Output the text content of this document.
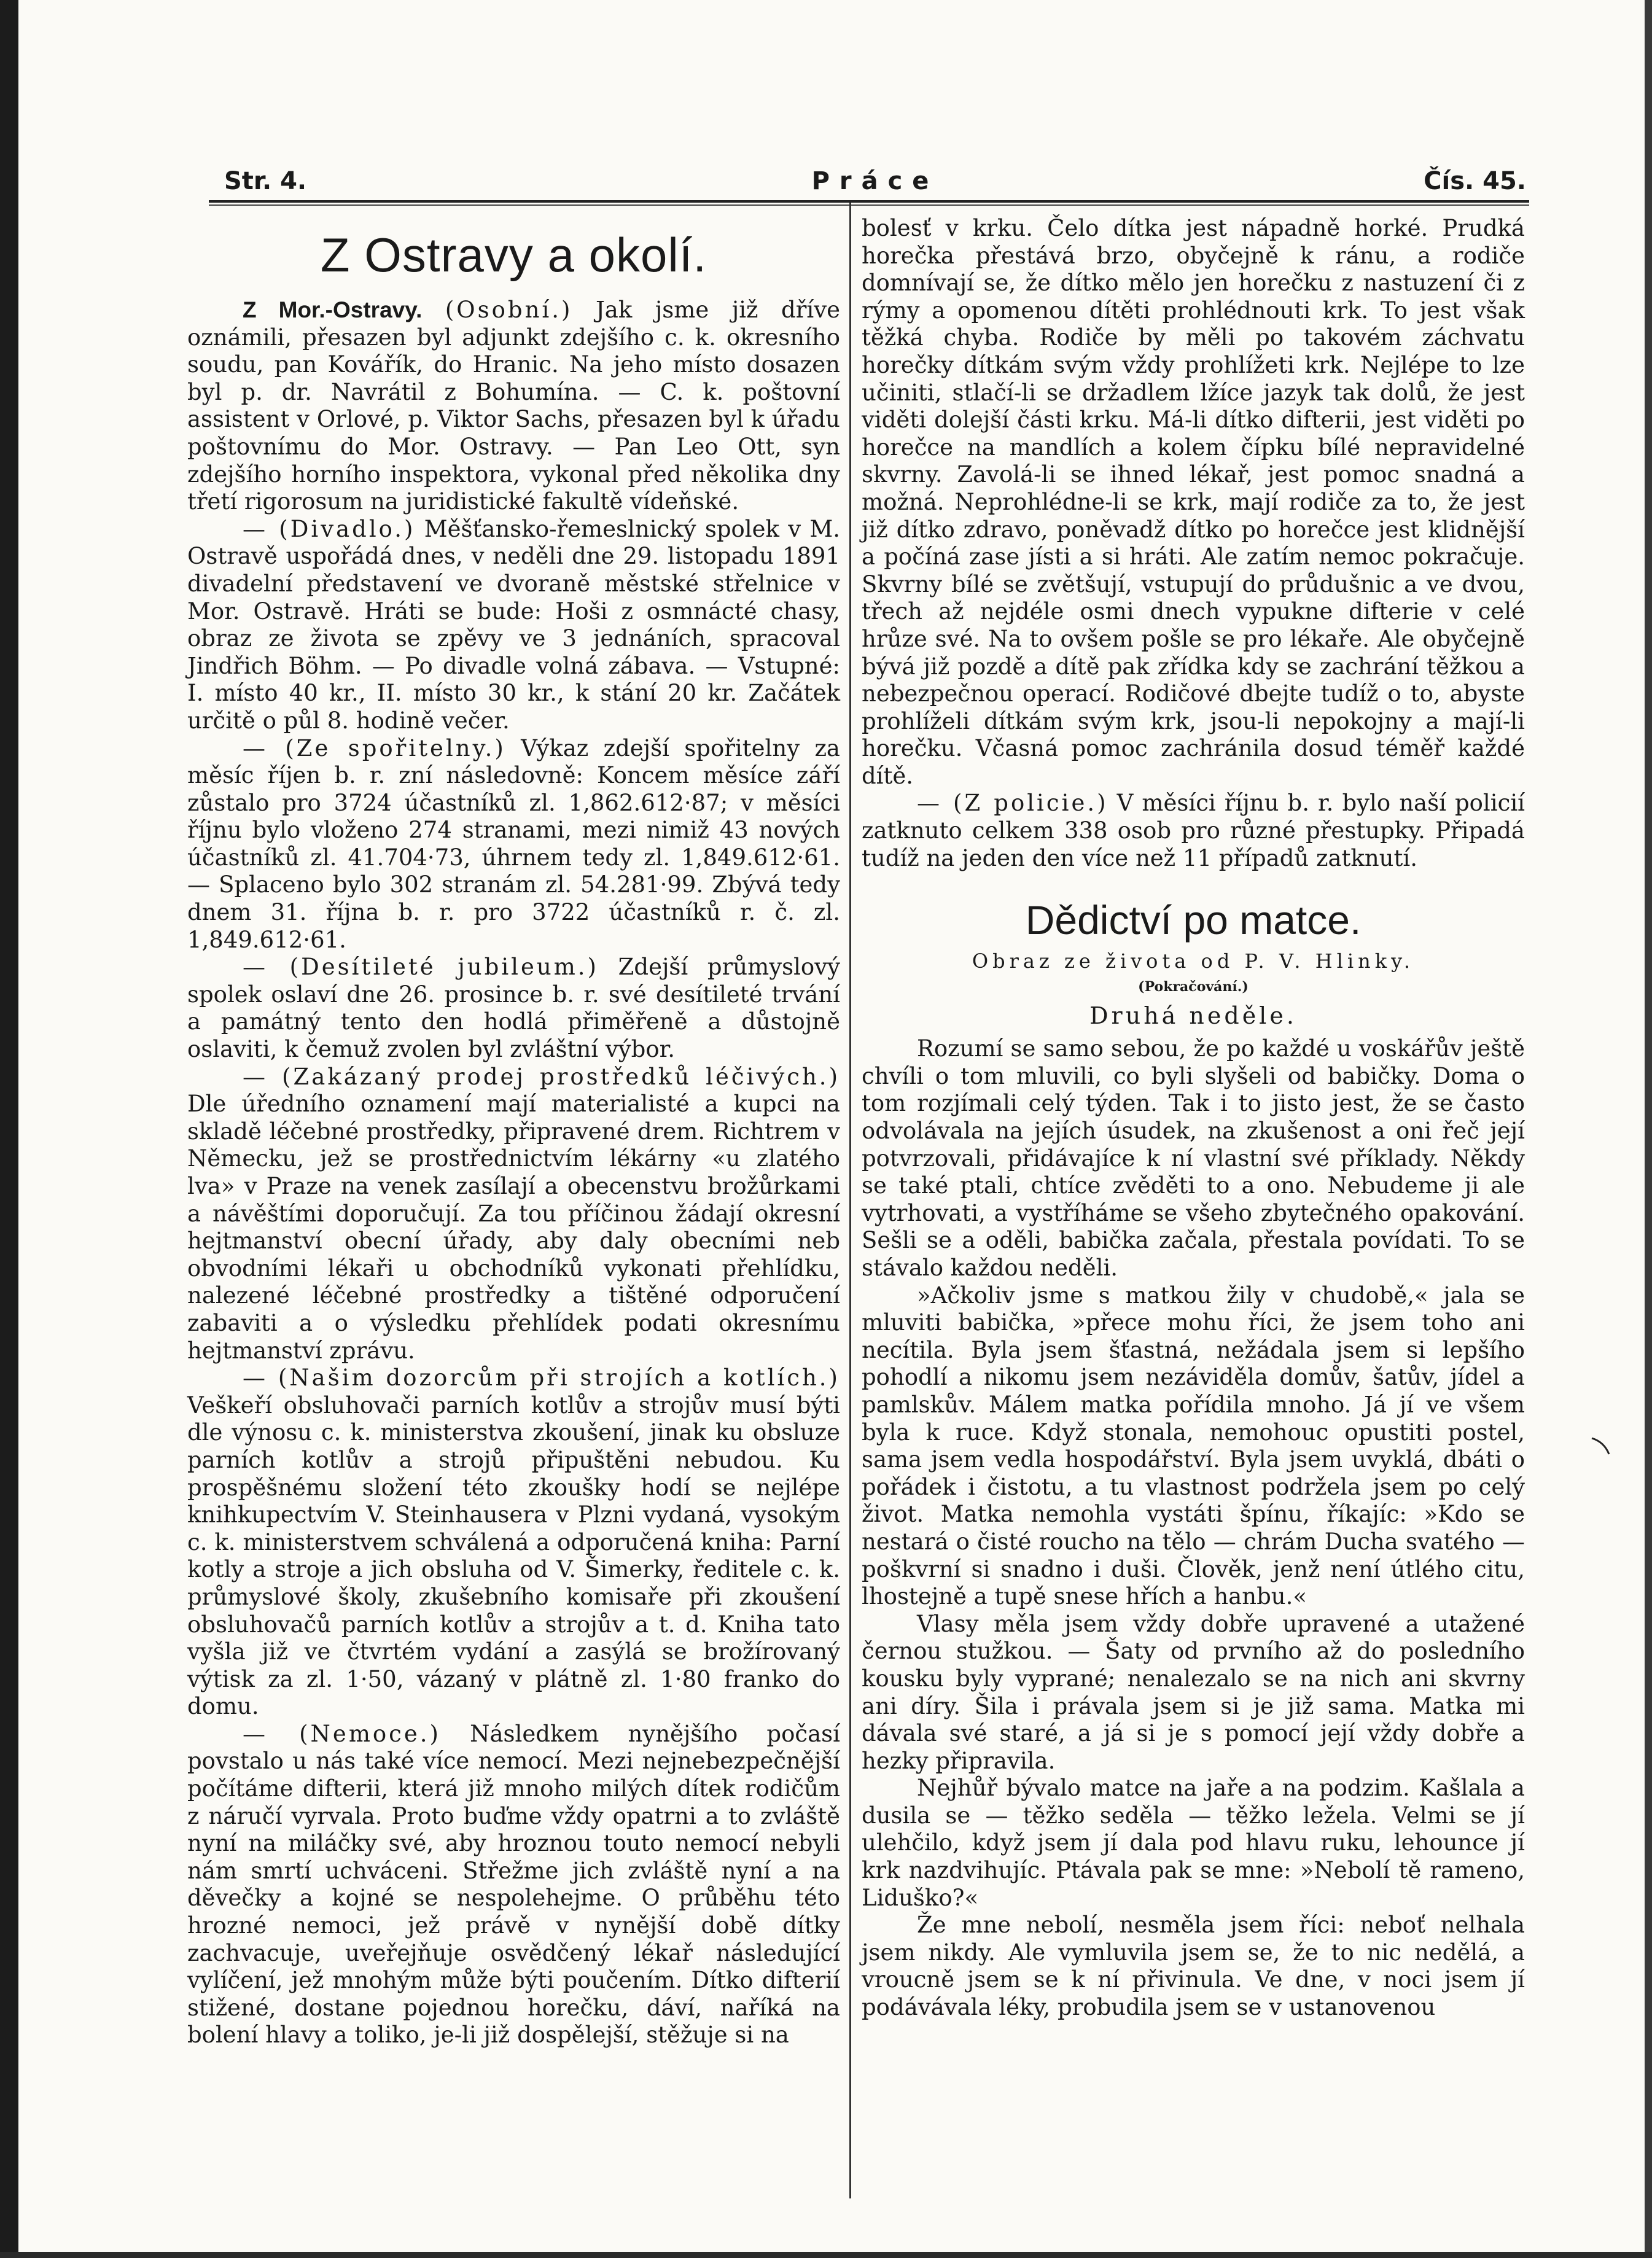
Str. 4.	Práce	Čís. 45.
Z Ostravy a okolí.

Z Mor.-Ostravy. (Osobní.) Jak jsme již dříve oznámili, přesazen byl adjunkt zdejšího c. k. okresního soudu, pan Kovářík, do Hranic. Na jeho místo dosazen byl p. dr. Navrátil z Bohumína. — C. k. poštovní assistent v Orlové, p. Viktor Sachs, přesazen byl k úřadu poštovnímu do Mor. Ostravy. — Pan Leo Ott, syn zdejšího horního inspektora, vykonal před několika dny třetí rigorosum na juridistické fakultě vídeňské.

— (Divadlo.) Měšťansko-řemeslnický spolek v M. Ostravě uspořádá dnes, v neděli dne 29. listopadu 1891 divadelní představení ve dvoraně městské střelnice v Mor. Ostravě. Hráti se bude: Hoši z osmnácté chasy, obraz ze života se zpěvy ve 3 jednáních, spracoval Jindřich Böhm. — Po divadle volná zábava. — Vstupné: I. místo 40 kr., II. místo 30 kr., k stání 20 kr. Začátek určitě o půl 8. hodině večer.

— (Ze spořitelny.) Výkaz zdejší spořitelny za měsíc říjen b. r. zní následovně: Koncem měsíce září zůstalo pro 3724 účastníků zl. 1,862.612·87; v měsíci říjnu bylo vloženo 274 stranami, mezi nimiž 43 nových účastníků zl. 41.704·73, úhrnem tedy zl. 1,849.612·61. — Splaceno bylo 302 stranám zl. 54.281·99. Zbývá tedy dnem 31. října b. r. pro 3722 účastníků r. č. zl. 1,849.612·61.

— (Desítileté jubileum.) Zdejší průmyslový spolek oslaví dne 26. prosince b. r. své desítileté trvání a památný tento den hodlá přiměřeně a důstojně oslaviti, k čemuž zvolen byl zvláštní výbor.

— (Zakázaný prodej prostředků léčivých.) Dle úředního oznamení mají materialisté a kupci na skladě léčebné prostředky, připravené drem. Richtrem v Německu, jež se prostřednictvím lékárny «u zlatého lva» v Praze na venek zasílají a obecenstvu brožůrkami a návěštími doporučují. Za tou příčinou žádají okresní hejtmanství obecní úřady, aby daly obecními neb obvodními lékaři u obchodníků vykonati přehlídku, nalezené léčebné prostředky a tištěné odporučení zabaviti a o výsledku přehlídek podati okresnímu hejtmanství zprávu.

— (Našim dozorcům při strojích a kotlích.) Veškeří obsluhovači parních kotlův a strojův musí býti dle výnosu c. k. ministerstva zkoušení, jinak ku obsluze parních kotlův a strojů připuštěni nebudou. Ku prospěšnému složení této zkoušky hodí se nejlépe knihkupectvím V. Steinhausera v Plzni vydaná, vysokým c. k. ministerstvem schválená a odporučená kniha: Parní kotly a stroje a jich obsluha od V. Šimerky, ředitele c. k. průmyslové školy, zkušebního komisaře při zkoušení obsluhovačů parních kotlův a strojův a t. d. Kniha tato vyšla již ve čtvrtém vydání a zasýlá se brožírovaný výtisk za zl. 1·50, vázaný v plátně zl. 1·80 franko do domu.

— (Nemoce.) Následkem nynějšího počasí povstalo u nás také více nemocí. Mezi nejnebezpečnější počítáme difterii, která již mnoho milých dítek rodičům z náručí vyrvala. Proto buďme vždy opatrni a to zvláště nyní na miláčky své, aby hroznou touto nemocí nebyli nám smrtí uchváceni. Střežme jich zvláště nyní a na děvečky a kojné se nespolehejme. O průběhu této hrozné nemoci, jež právě v nynější době dítky zachvacuje, uveřejňuje osvědčený lékař následující vylíčení, jež mnohým může býti poučením. Dítko difterií stižené, dostane pojednou horečku, dáví, naříká na bolení hlavy a toliko, je-li již dospělejší, stěžuje si na

bolesť v krku. Čelo dítka jest nápadně horké. Prudká horečka přestává brzo, obyčejně k ránu, a rodiče domnívají se, že dítko mělo jen horečku z nastuzení či z rýmy a opomenou dítěti prohlédnouti krk. To jest však těžká chyba. Rodiče by měli po takovém záchvatu horečky dítkám svým vždy prohlížeti krk. Nejlépe to lze učiniti, stlačí-li se držadlem lžíce jazyk tak dolů, že jest viděti dolejší části krku. Má-li dítko difterii, jest viděti po horečce na mandlích a kolem čípku bílé nepravidelné skvrny. Zavolá-li se ihned lékař, jest pomoc snadná a možná. Neprohlédne-li se krk, mají rodiče za to, že jest již dítko zdravo, poněvadž dítko po horečce jest klidnější a počíná zase jísti a si hráti. Ale zatím nemoc pokračuje. Skvrny bílé se zvětšují, vstupují do průdušnic a ve dvou, třech až nejdéle osmi dnech vypukne difterie v celé hrůze své. Na to ovšem pošle se pro lékaře. Ale obyčejně bývá již pozdě a dítě pak zřídka kdy se zachrání těžkou a nebezpečnou operací. Rodičové dbejte tudíž o to, abyste prohlíželi dítkám svým krk, jsou-li nepokojny a mají-li horečku. Včasná pomoc zachránila dosud téměř každé dítě.

— (Z policie.) V měsíci říjnu b. r. bylo naší policií zatknuto celkem 338 osob pro různé přestupky. Připadá tudíž na jeden den více než 11 případů zatknutí.

Dědictví po matce.
Obraz ze života od P. V. Hlinky.
(Pokračování.)
Druhá neděle.

Rozumí se samo sebou, že po každé u voskářův ještě chvíli o tom mluvili, co byli slyšeli od babičky. Doma o tom rozjímali celý týden. Tak i to jisto jest, že se často odvolávala na jejích úsudek, na zkušenost a oni řeč její potvrzovali, přidávajíce k ní vlastní své příklady. Někdy se také ptali, chtíce zvěděti to a ono. Nebudeme ji ale vytrhovati, a vystříháme se všeho zbytečného opakování. Sešli se a oděli, babička začala, přestala povídati. To se stávalo každou neděli.

»Ačkoliv jsme s matkou žily v chudobě,« jala se mluviti babička, »přece mohu říci, že jsem toho ani necítila. Byla jsem šťastná, nežádala jsem si lepšího pohodlí a nikomu jsem nezáviděla domův, šatův, jídel a pamlskův. Málem matka pořídila mnoho. Já jí ve všem byla k ruce. Když stonala, nemohouc opustiti postel, sama jsem vedla hospodářství. Byla jsem uvyklá, dbáti o pořádek i čistotu, a tu vlastnost podržela jsem po celý život. Matka nemohla vystáti špínu, říkajíc: »Kdo se nestará o čisté roucho na tělo — chrám Ducha svatého — poškvrní si snadno i duši. Člověk, jenž není útlého citu, lhostejně a tupě snese hřích a hanbu.«

Vlasy měla jsem vždy dobře upravené a utažené černou stužkou. — Šaty od prvního až do posledního kousku byly vyprané; nenalezalo se na nich ani skvrny ani díry. Šila i právala jsem si je již sama. Matka mi dávala své staré, a já si je s pomocí její vždy dobře a hezky připravila.

Nejhůř bývalo matce na jaře a na podzim. Kašlala a dusila se — těžko seděla — těžko ležela. Velmi se jí ulehčilo, když jsem jí dala pod hlavu ruku, lehounce jí krk nazdvihujíc. Ptávala pak se mne: »Nebolí tě rameno, Liduško?«

Že mne nebolí, nesměla jsem říci: neboť nelhala jsem nikdy. Ale vymluvila jsem se, že to nic nedělá, a vroucně jsem se k ní přivinula. Ve dne, v noci jsem jí podávávala léky, probudila jsem se v ustanovenou
